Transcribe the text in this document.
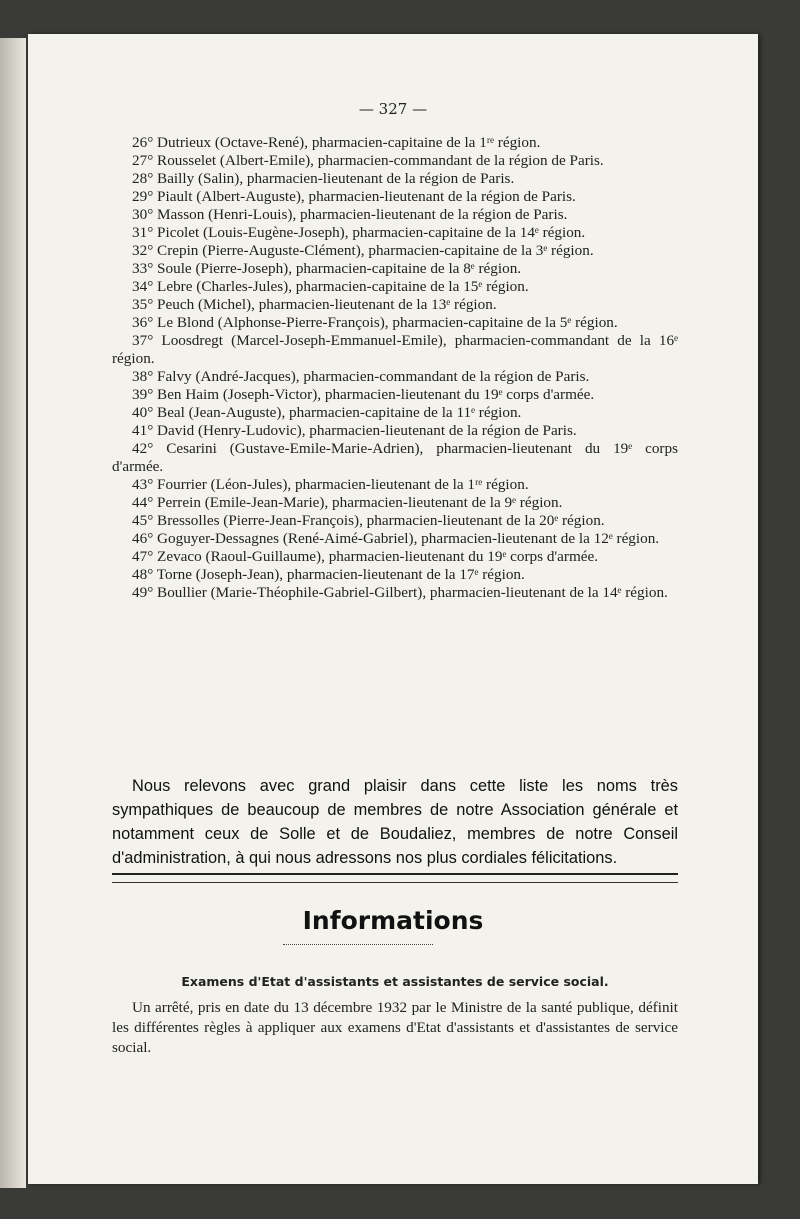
— 327 —

26° Dutrieux (Octave-René), pharmacien-capitaine de la 1ʳᵉ région.

27° Rousselet (Albert-Emile), pharmacien-commandant de la région de Paris.

28° Bailly (Salin), pharmacien-lieutenant de la région de Paris.

29° Piault (Albert-Auguste), pharmacien-lieutenant de la région de Paris.

30° Masson (Henri-Louis), pharmacien-lieutenant de la région de Paris.

31° Picolet (Louis-Eugène-Joseph), pharmacien-capitaine de la 14ᵉ région.

32° Crepin (Pierre-Auguste-Clément), pharmacien-capitaine de la 3ᵉ région.

33° Soule (Pierre-Joseph), pharmacien-capitaine de la 8ᵉ région.

34° Lebre (Charles-Jules), pharmacien-capitaine de la 15ᵉ région.

35° Peuch (Michel), pharmacien-lieutenant de la 13ᵉ région.

36° Le Blond (Alphonse-Pierre-François), pharmacien-capitaine de la 5ᵉ région.

37° Loosdregt (Marcel-Joseph-Emmanuel-Emile), pharmacien-commandant de la 16ᵉ région.

38° Falvy (André-Jacques), pharmacien-commandant de la région de Paris.

39° Ben Haim (Joseph-Victor), pharmacien-lieutenant du 19ᵉ corps d'armée.

40° Beal (Jean-Auguste), pharmacien-capitaine de la 11ᵉ région.

41° David (Henry-Ludovic), pharmacien-lieutenant de la région de Paris.

42° Cesarini (Gustave-Emile-Marie-Adrien), pharmacien-lieutenant du 19ᵉ corps d'armée.

43° Fourrier (Léon-Jules), pharmacien-lieutenant de la 1ʳᵉ région.

44° Perrein (Emile-Jean-Marie), pharmacien-lieutenant de la 9ᵉ région.

45° Bressolles (Pierre-Jean-François), pharmacien-lieutenant de la 20ᵉ région.

46° Goguyer-Dessagnes (René-Aimé-Gabriel), pharmacien-lieutenant de la 12ᵉ région.

47° Zevaco (Raoul-Guillaume), pharmacien-lieutenant du 19ᵉ corps d'armée.

48° Torne (Joseph-Jean), pharmacien-lieutenant de la 17ᵉ région.

49° Boullier (Marie-Théophile-Gabriel-Gilbert), pharmacien-lieutenant de la 14ᵉ région.

Nous relevons avec grand plaisir dans cette liste les noms très sympathiques de beaucoup de membres de notre Association générale et notamment ceux de Solle et de Boudaliez, membres de notre Conseil d'administration, à qui nous adressons nos plus cordiales félicitations.

Informations
Examens d'Etat d'assistants et assistantes de service social.

Un arrêté, pris en date du 13 décembre 1932 par le Ministre de la santé publique, définit les différentes règles à appliquer aux examens d'Etat d'assistants et d'assistantes de service social.
